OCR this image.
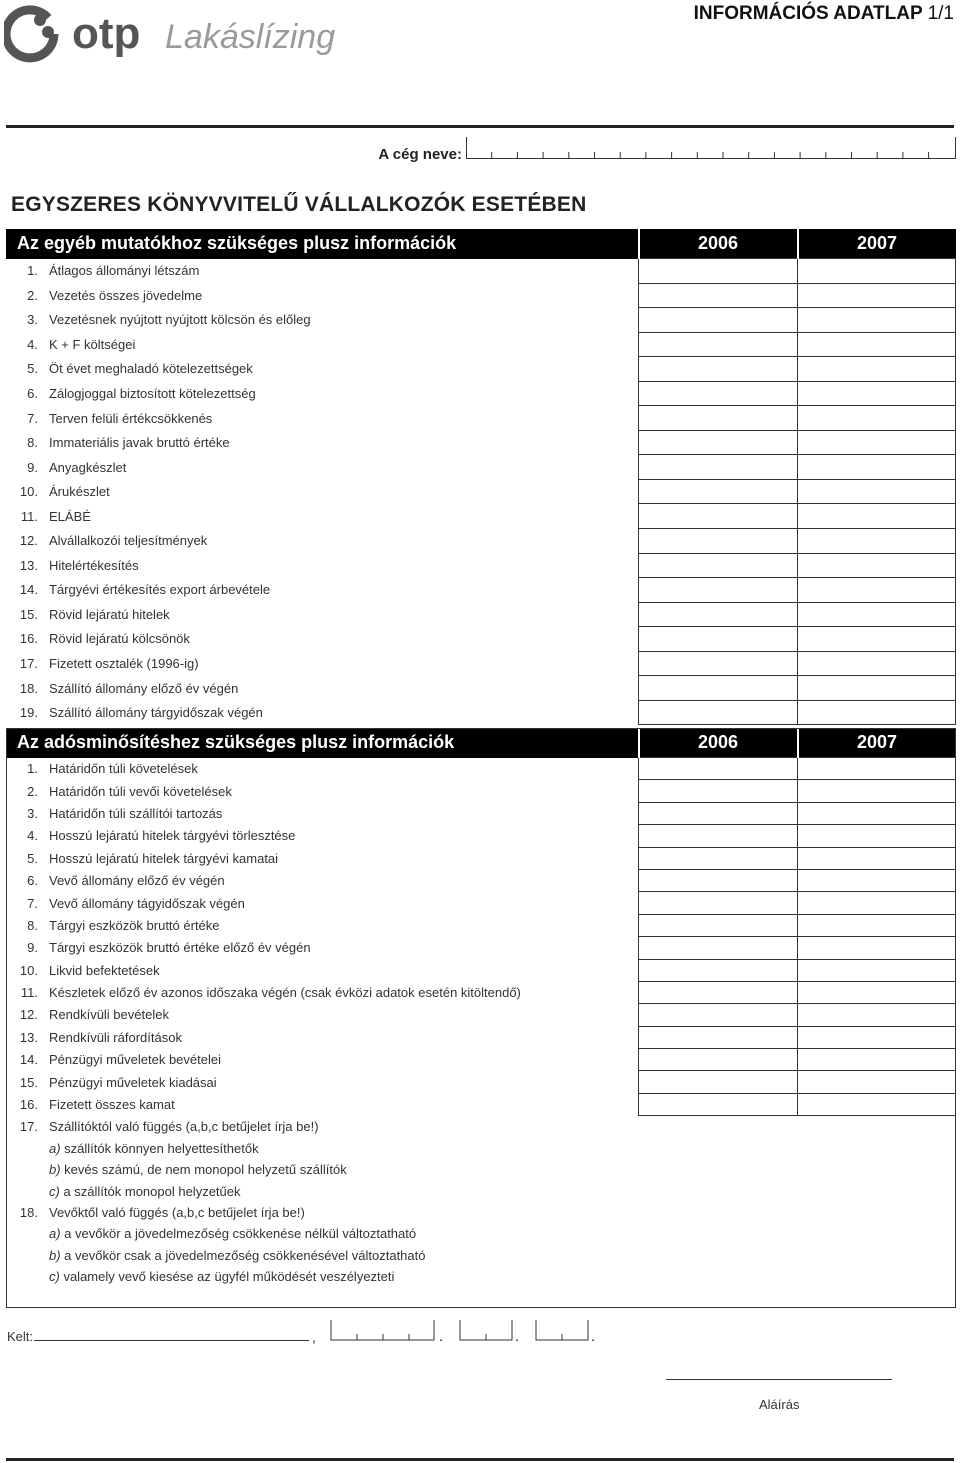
otp Lakáslízing
INFORMÁCIÓS ADATLAP 1/1
A cég neve:
EGYSZERES KÖNYVVITELŰ VÁLLALKOZÓK ESETÉBEN
Az egyéb mutatókhoz szükséges plusz információk		2006	2007
1.	Átlagos állományi létszám		
2.	Vezetés összes jövedelme		
3.	Vezetésnek nyújtott nyújtott kölcsön és előleg		
4.	K + F költségei		
5.	Öt évet meghaladó kötelezettségek		
6.	Zálogjoggal biztosított kötelezettség		
7.	Terven felüli értékcsökkenés		
8.	Immateriális javak bruttó értéke		
9.	Anyagkészlet		
10.	Árukészlet		
11.	ELÁBÉ		
12.	Alvállalkozói teljesítmények		
13.	Hitelértékesítés		
14.	Tárgyévi értékesítés export árbevétele		
15.	Rövid lejáratú hitelek		
16.	Rövid lejáratú kölcsönök		
17.	Fizetett osztalék (1996-ig)		
18.	Szállító állomány előző év végén		
19.	Szállító állomány tárgyidőszak végén		
Az adósminősítéshez szükséges plusz információk		2006	2007
1.	Határidőn túli követelések		
2.	Határidőn túli vevői követelések		
3.	Határidőn túli szállítói tartozás		
4.	Hosszú lejáratú hitelek tárgyévi törlesztése		
5.	Hosszú lejáratú hitelek tárgyévi kamatai		
6.	Vevő állomány előző év végén		
7.	Vevő állomány tágyidőszak végén		
8.	Tárgyi eszközök bruttó értéke		
9.	Tárgyi eszközök bruttó értéke előző év végén		
10.	Likvid befektetések		
11.	Készletek előző év azonos időszaka végén (csak évközi adatok esetén kitöltendő)		
12.	Rendkívüli bevételek		
13.	Rendkívüli ráfordítások		
14.	Pénzügyi műveletek bevételei		
15.	Pénzügyi műveletek kiadásai		
16.	Fizetett összes kamat		
17.	Szállítóktól való függés (a,b,c betűjelet írja be!)		
a) szállítók könnyen helyettesíthetők			
b) kevés számú, de nem monopol helyzetű szállítók			
c) a szállítók monopol helyzetűek			
18.	Vevőktől való függés (a,b,c betűjelet írja be!)		
a) a vevőkör a jövedelmezőség csökkenése nélkül változtatható			
b) a vevőkör csak a jövedelmezőség csökkenésével változtatható			
c) valamely vevő kiesése az ügyfél működését veszélyezteti			
Kelt:	,	.	.	.
Aláírás
